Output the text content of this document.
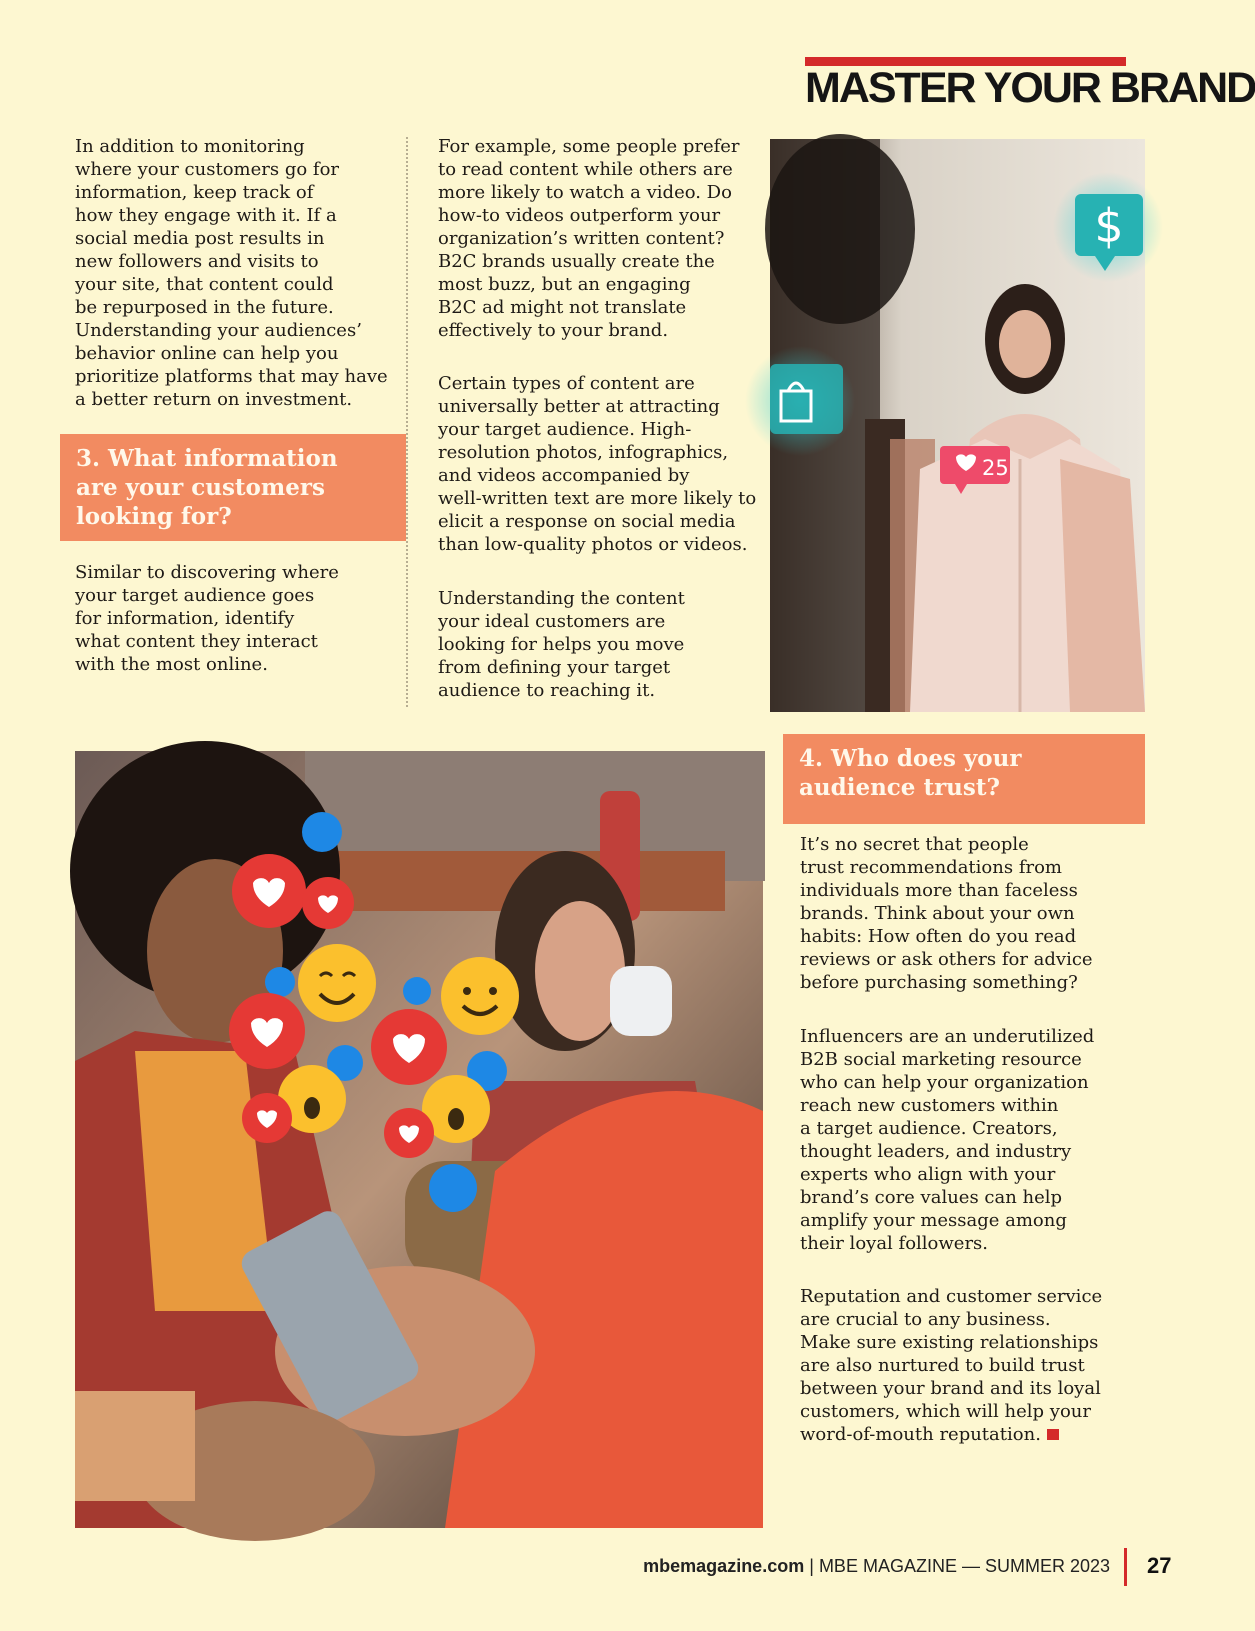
MASTER YOUR BRAND

In addition to monitoring
where your customers go for
information, keep track of
how they engage with it. If a
social media post results in
new followers and visits to
your site, that content could
be repurposed in the future.
Understanding your audiences’
behavior online can help you
prioritize platforms that may have
a better return on investment.

3. What information
are your customers
looking for?

Similar to discovering where
your target audience goes
for information, identify
what content they interact
with the most online.

For example, some people prefer
to read content while others are
more likely to watch a video. Do
how-to videos outperform your
organization’s written content?
B2C brands usually create the
most buzz, but an engaging
B2C ad might not translate
effectively to your brand.

Certain types of content are
universally better at attracting
your target audience. High-
resolution photos, infographics,
and videos accompanied by
well-written text are more likely to
elicit a response on social media
than low-quality photos or videos.

Understanding the content
your ideal customers are
looking for helps you move
from defining your target
audience to reaching it.

$
25
4. Who does your
audience trust?

It’s no secret that people
trust recommendations from
individuals more than faceless
brands. Think about your own
habits: How often do you read
reviews or ask others for advice
before purchasing something?

Influencers are an underutilized
B2B social marketing resource
who can help your organization
reach new customers within
a target audience. Creators,
thought leaders, and industry
experts who align with your
brand’s core values can help
amplify your message among
their loyal followers.

Reputation and customer service
are crucial to any business.
Make sure existing relationships
are also nurtured to build trust
between your brand and its loyal
customers, which will help your
word-of-mouth reputation.
mbemagazine.com | MBE MAGAZINE — SUMMER 2023 27
